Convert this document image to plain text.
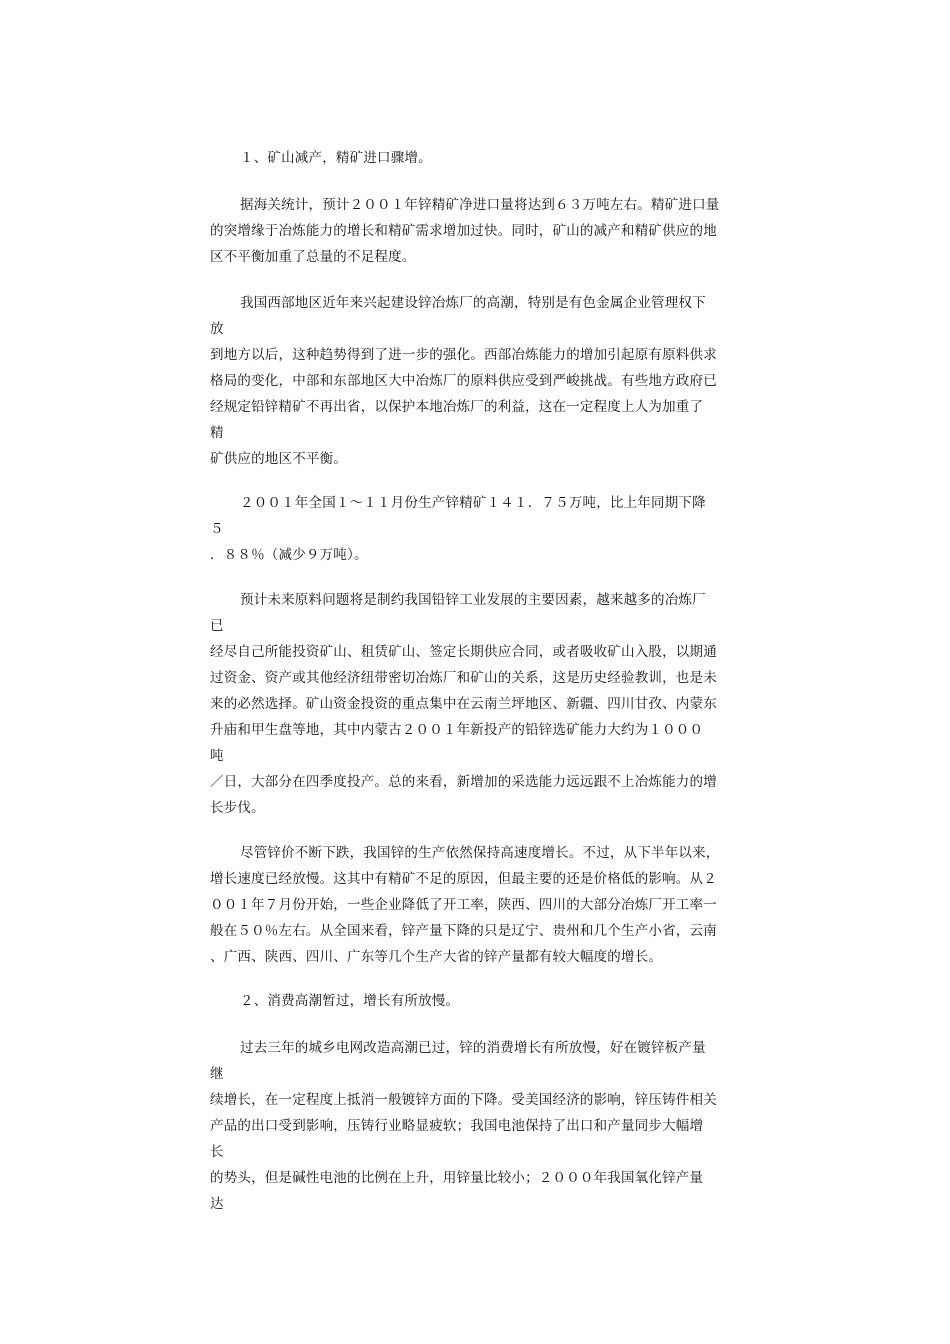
１、矿山减产，精矿进口骤增。
据海关统计，预计２００１年锌精矿净进口量将达到６３万吨左右。精矿进口量
的突增缘于冶炼能力的增长和精矿需求增加过快。同时，矿山的减产和精矿供应的地
区不平衡加重了总量的不足程度。
我国西部地区近年来兴起建设锌冶炼厂的高潮，特别是有色金属企业管理权下
放
到地方以后，这种趋势得到了进一步的强化。西部冶炼能力的增加引起原有原料供求
格局的变化，中部和东部地区大中冶炼厂的原料供应受到严峻挑战。有些地方政府已
经规定铅锌精矿不再出省，以保护本地冶炼厂的利益，这在一定程度上人为加重了
精
矿供应的地区不平衡。
２００１年全国１～１１月份生产锌精矿１４１．７５万吨，比上年同期下降
５
．８８％（减少９万吨）。
预计未来原料问题将是制约我国铅锌工业发展的主要因素，越来越多的冶炼厂
已
经尽自己所能投资矿山、租赁矿山、签定长期供应合同，或者吸收矿山入股，以期通
过资金、资产或其他经济纽带密切冶炼厂和矿山的关系，这是历史经验教训，也是未
来的必然选择。矿山资金投资的重点集中在云南兰坪地区、新疆、四川甘孜、内蒙东
升庙和甲生盘等地，其中内蒙古２００１年新投产的铅锌选矿能力大约为１０００
吨
／日，大部分在四季度投产。总的来看，新增加的采选能力远远跟不上冶炼能力的增
长步伐。
尽管锌价不断下跌，我国锌的生产依然保持高速度增长。不过，从下半年以来，
增长速度已经放慢。这其中有精矿不足的原因，但最主要的还是价格低的影响。从２
００１年７月份开始，一些企业降低了开工率，陕西、四川的大部分冶炼厂开工率一
般在５０％左右。从全国来看，锌产量下降的只是辽宁、贵州和几个生产小省，云南
、广西、陕西、四川、广东等几个生产大省的锌产量都有较大幅度的增长。
２、消费高潮暂过，增长有所放慢。
过去三年的城乡电网改造高潮已过，锌的消费增长有所放慢，好在镀锌板产量
继
续增长，在一定程度上抵消一般镀锌方面的下降。受美国经济的影响，锌压铸件相关
产品的出口受到影响，压铸行业略显疲软；我国电池保持了出口和产量同步大幅增
长
的势头，但是碱性电池的比例在上升，用锌量比较小；２０００年我国氧化锌产量
达
